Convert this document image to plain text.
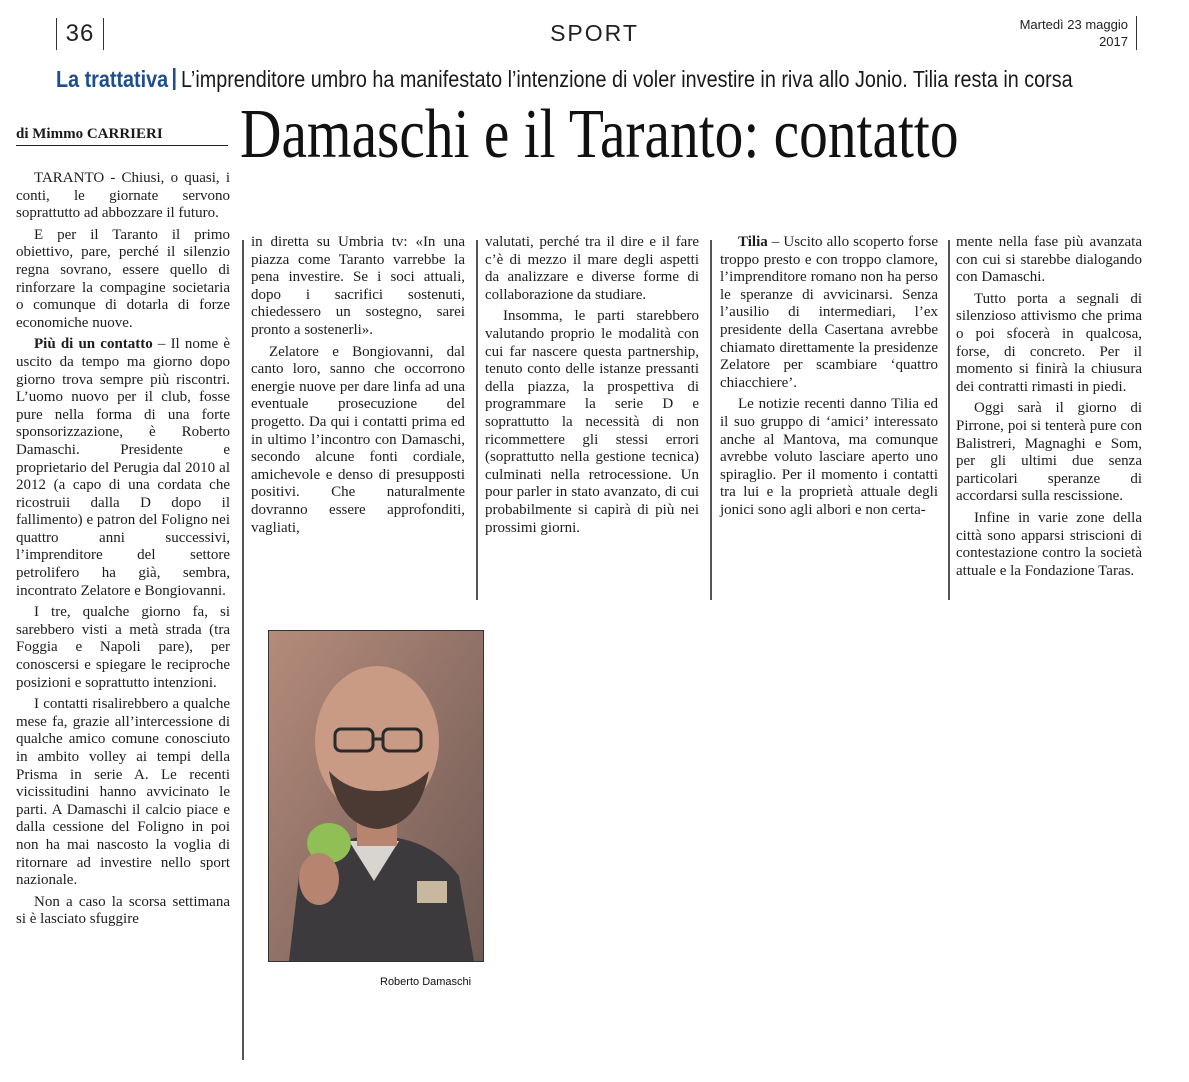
36	SPORT	Martedì 23 maggio
2017
La trattativa L’imprenditore umbro ha manifestato l’intenzione di voler investire in riva allo Jonio. Tilia resta in corsa
di Mimmo CARRIERI	Damaschi e il Taranto: contatto

TARANTO - Chiusi, o quasi, i conti, le giornate servono soprattutto ad abbozzare il futuro.

E per il Taranto il primo obiettivo, pare, perché il silenzio regna sovrano, essere quello di rinforzare la compagine societaria o comunque di dotarla di forze economiche nuove.

Più di un contatto – Il nome è uscito da tempo ma giorno dopo giorno trova sempre più riscontri. L’uomo nuovo per il club, fosse pure nella forma di una forte sponsorizzazione, è Roberto Damaschi. Presidente e proprietario del Perugia dal 2010 al 2012 (a capo di una cordata che ricostruii dalla D dopo il fallimento) e patron del Foligno nei quattro anni successivi, l’imprenditore del settore petrolifero ha già, sembra, incontrato Zelatore e Bongiovanni.

I tre, qualche giorno fa, si sarebbero visti a metà strada (tra Foggia e Napoli pare), per conoscersi e spiegare le reciproche posizioni e soprattutto intenzioni.

I contatti risalirebbero a qualche mese fa, grazie all’intercessione di qualche amico comune conosciuto in ambito volley ai tempi della Prisma in serie A. Le recenti vicissitudini hanno avvicinato le parti. A Damaschi il calcio piace e dalla cessione del Foligno in poi non ha mai nascosto la voglia di ritornare ad investire nello sport nazionale.

Non a caso la scorsa settimana si è lasciato sfuggire

in diretta su Umbria tv: «In una piazza come Taranto varrebbe la pena investire. Se i soci attuali, dopo i sacrifici sostenuti, chiedessero un sostegno, sarei pronto a sostenerli».

Zelatore e Bongiovanni, dal canto loro, sanno che occorrono energie nuove per dare linfa ad una eventuale prosecuzione del progetto. Da qui i contatti prima ed in ultimo l’incontro con Damaschi, secondo alcune fonti cordiale, amichevole e denso di presupposti positivi. Che naturalmente dovranno essere approfonditi, vagliati,

valutati, perché tra il dire e il fare c’è di mezzo il mare degli aspetti da analizzare e diverse forme di collaborazione da studiare.

Insomma, le parti starebbero valutando proprio le modalità con cui far nascere questa partnership, tenuto conto delle istanze pressanti della piazza, la prospettiva di programmare la serie D e soprattutto la necessità di non ricommettere gli stessi errori (soprattutto nella gestione tecnica) culminati nella retrocessione. Un pour parler in stato avanzato, di cui probabilmente si capirà di più nei prossimi giorni.

Tilia – Uscito allo scoperto forse troppo presto e con troppo clamore, l’imprenditore romano non ha perso le speranze di avvicinarsi. Senza l’ausilio di intermediari, l’ex presidente della Casertana avrebbe chiamato direttamente la presidenze Zelatore per scambiare ‘quattro chiacchiere’.

Le notizie recenti danno Tilia ed il suo gruppo di ‘amici’ interessato anche al Mantova, ma comunque avrebbe voluto lasciare aperto uno spiraglio. Per il momento i contatti tra lui e la proprietà attuale degli jonici sono agli albori e non certa-

mente nella fase più avanzata con cui si starebbe dialogando con Damaschi.

Tutto porta a segnali di silenzioso attivismo che prima o poi sfocerà in qualcosa, forse, di concreto. Per il momento si finirà la chiusura dei contratti rimasti in piedi.

Oggi sarà il giorno di Pirrone, poi si tenterà pure con Balistreri, Magnaghi e Som, per gli ultimi due senza particolari speranze di accordarsi sulla rescissione.

Infine in varie zone della città sono apparsi striscioni di contestazione contro la società attuale e la Fondazione Taras.

Roberto Damaschi
